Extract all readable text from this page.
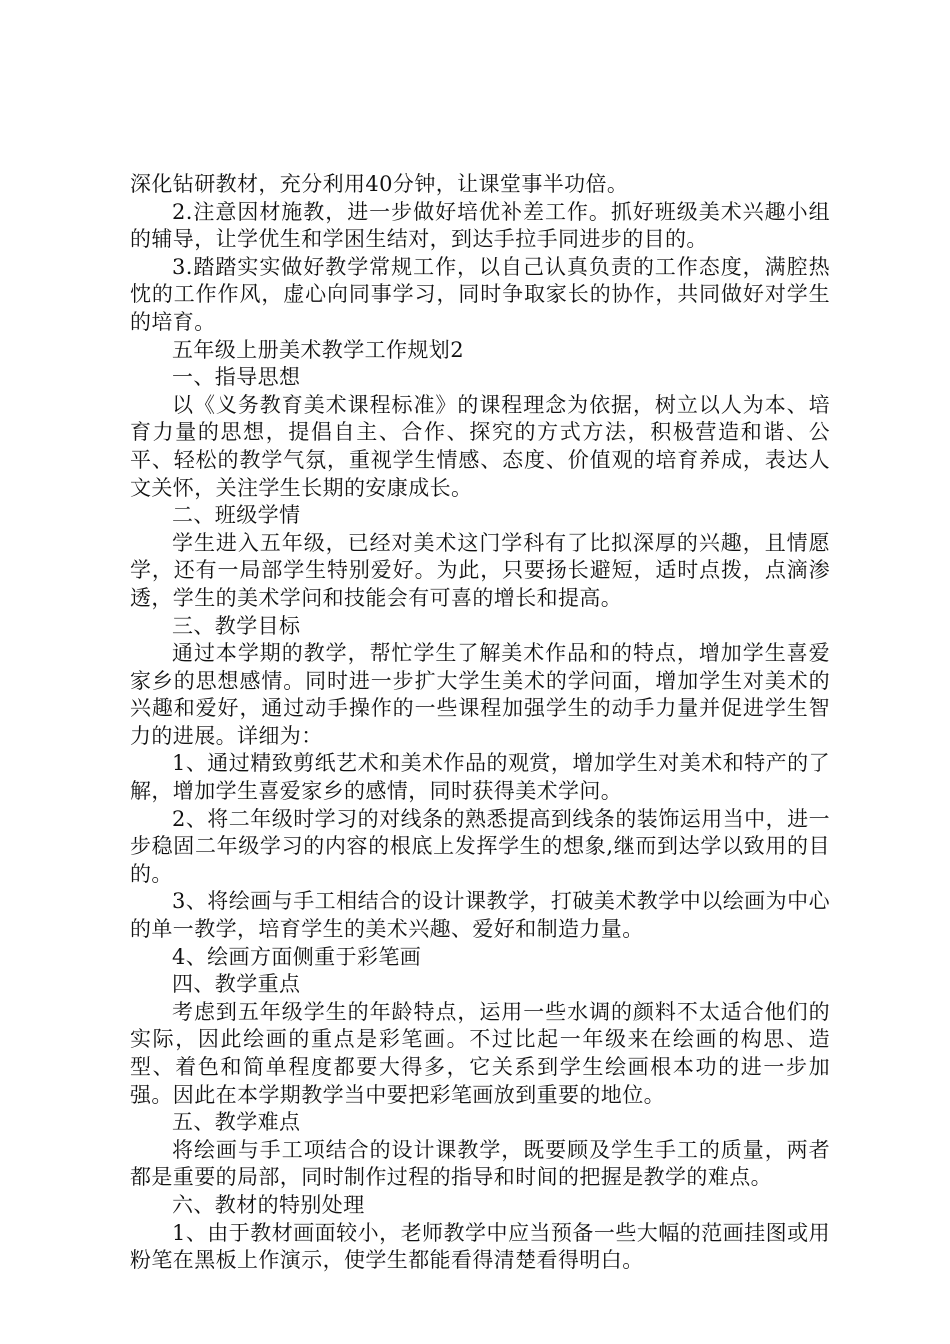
深化钻研教材，充分利用40分钟，让课堂事半功倍。

2.注意因材施教，进一步做好培优补差工作。抓好班级美术兴趣小组的辅导，让学优生和学困生结对，到达手拉手同进步的目的。

3.踏踏实实做好教学常规工作，以自己认真负责的工作态度，满腔热忱的工作作风，虚心向同事学习，同时争取家长的协作，共同做好对学生的培育。

五年级上册美术教学工作规划2

一、指导思想

以《义务教育美术课程标准》的课程理念为依据，树立以人为本、培育力量的思想，提倡自主、合作、探究的方式方法，积极营造和谐、公平、轻松的教学气氛，重视学生情感、态度、价值观的培育养成，表达人文关怀，关注学生长期的安康成长。

二、班级学情

学生进入五年级，已经对美术这门学科有了比拟深厚的兴趣，且情愿学，还有一局部学生特别爱好。为此，只要扬长避短，适时点拨，点滴渗透，学生的美术学问和技能会有可喜的增长和提高。

三、教学目标

通过本学期的教学，帮忙学生了解美术作品和的特点，增加学生喜爱家乡的思想感情。同时进一步扩大学生美术的学问面，增加学生对美术的兴趣和爱好，通过动手操作的一些课程加强学生的动手力量并促进学生智力的进展。详细为：

1、通过精致剪纸艺术和美术作品的观赏，增加学生对美术和特产的了解，增加学生喜爱家乡的感情，同时获得美术学问。

2、将二年级时学习的对线条的熟悉提高到线条的装饰运用当中，进一步稳固二年级学习的内容的根底上发挥学生的想象,继而到达学以致用的目的。

3、将绘画与手工相结合的设计课教学，打破美术教学中以绘画为中心的单一教学，培育学生的美术兴趣、爱好和制造力量。

4、绘画方面侧重于彩笔画

四、教学重点

考虑到五年级学生的年龄特点，运用一些水调的颜料不太适合他们的实际，因此绘画的重点是彩笔画。不过比起一年级来在绘画的构思、造型、着色和简单程度都要大得多，它关系到学生绘画根本功的进一步加强。因此在本学期教学当中要把彩笔画放到重要的地位。

五、教学难点

将绘画与手工项结合的设计课教学，既要顾及学生手工的质量，两者都是重要的局部，同时制作过程的指导和时间的把握是教学的难点。

六、教材的特别处理

1、由于教材画面较小，老师教学中应当预备一些大幅的范画挂图或用粉笔在黑板上作演示，使学生都能看得清楚看得明白。
